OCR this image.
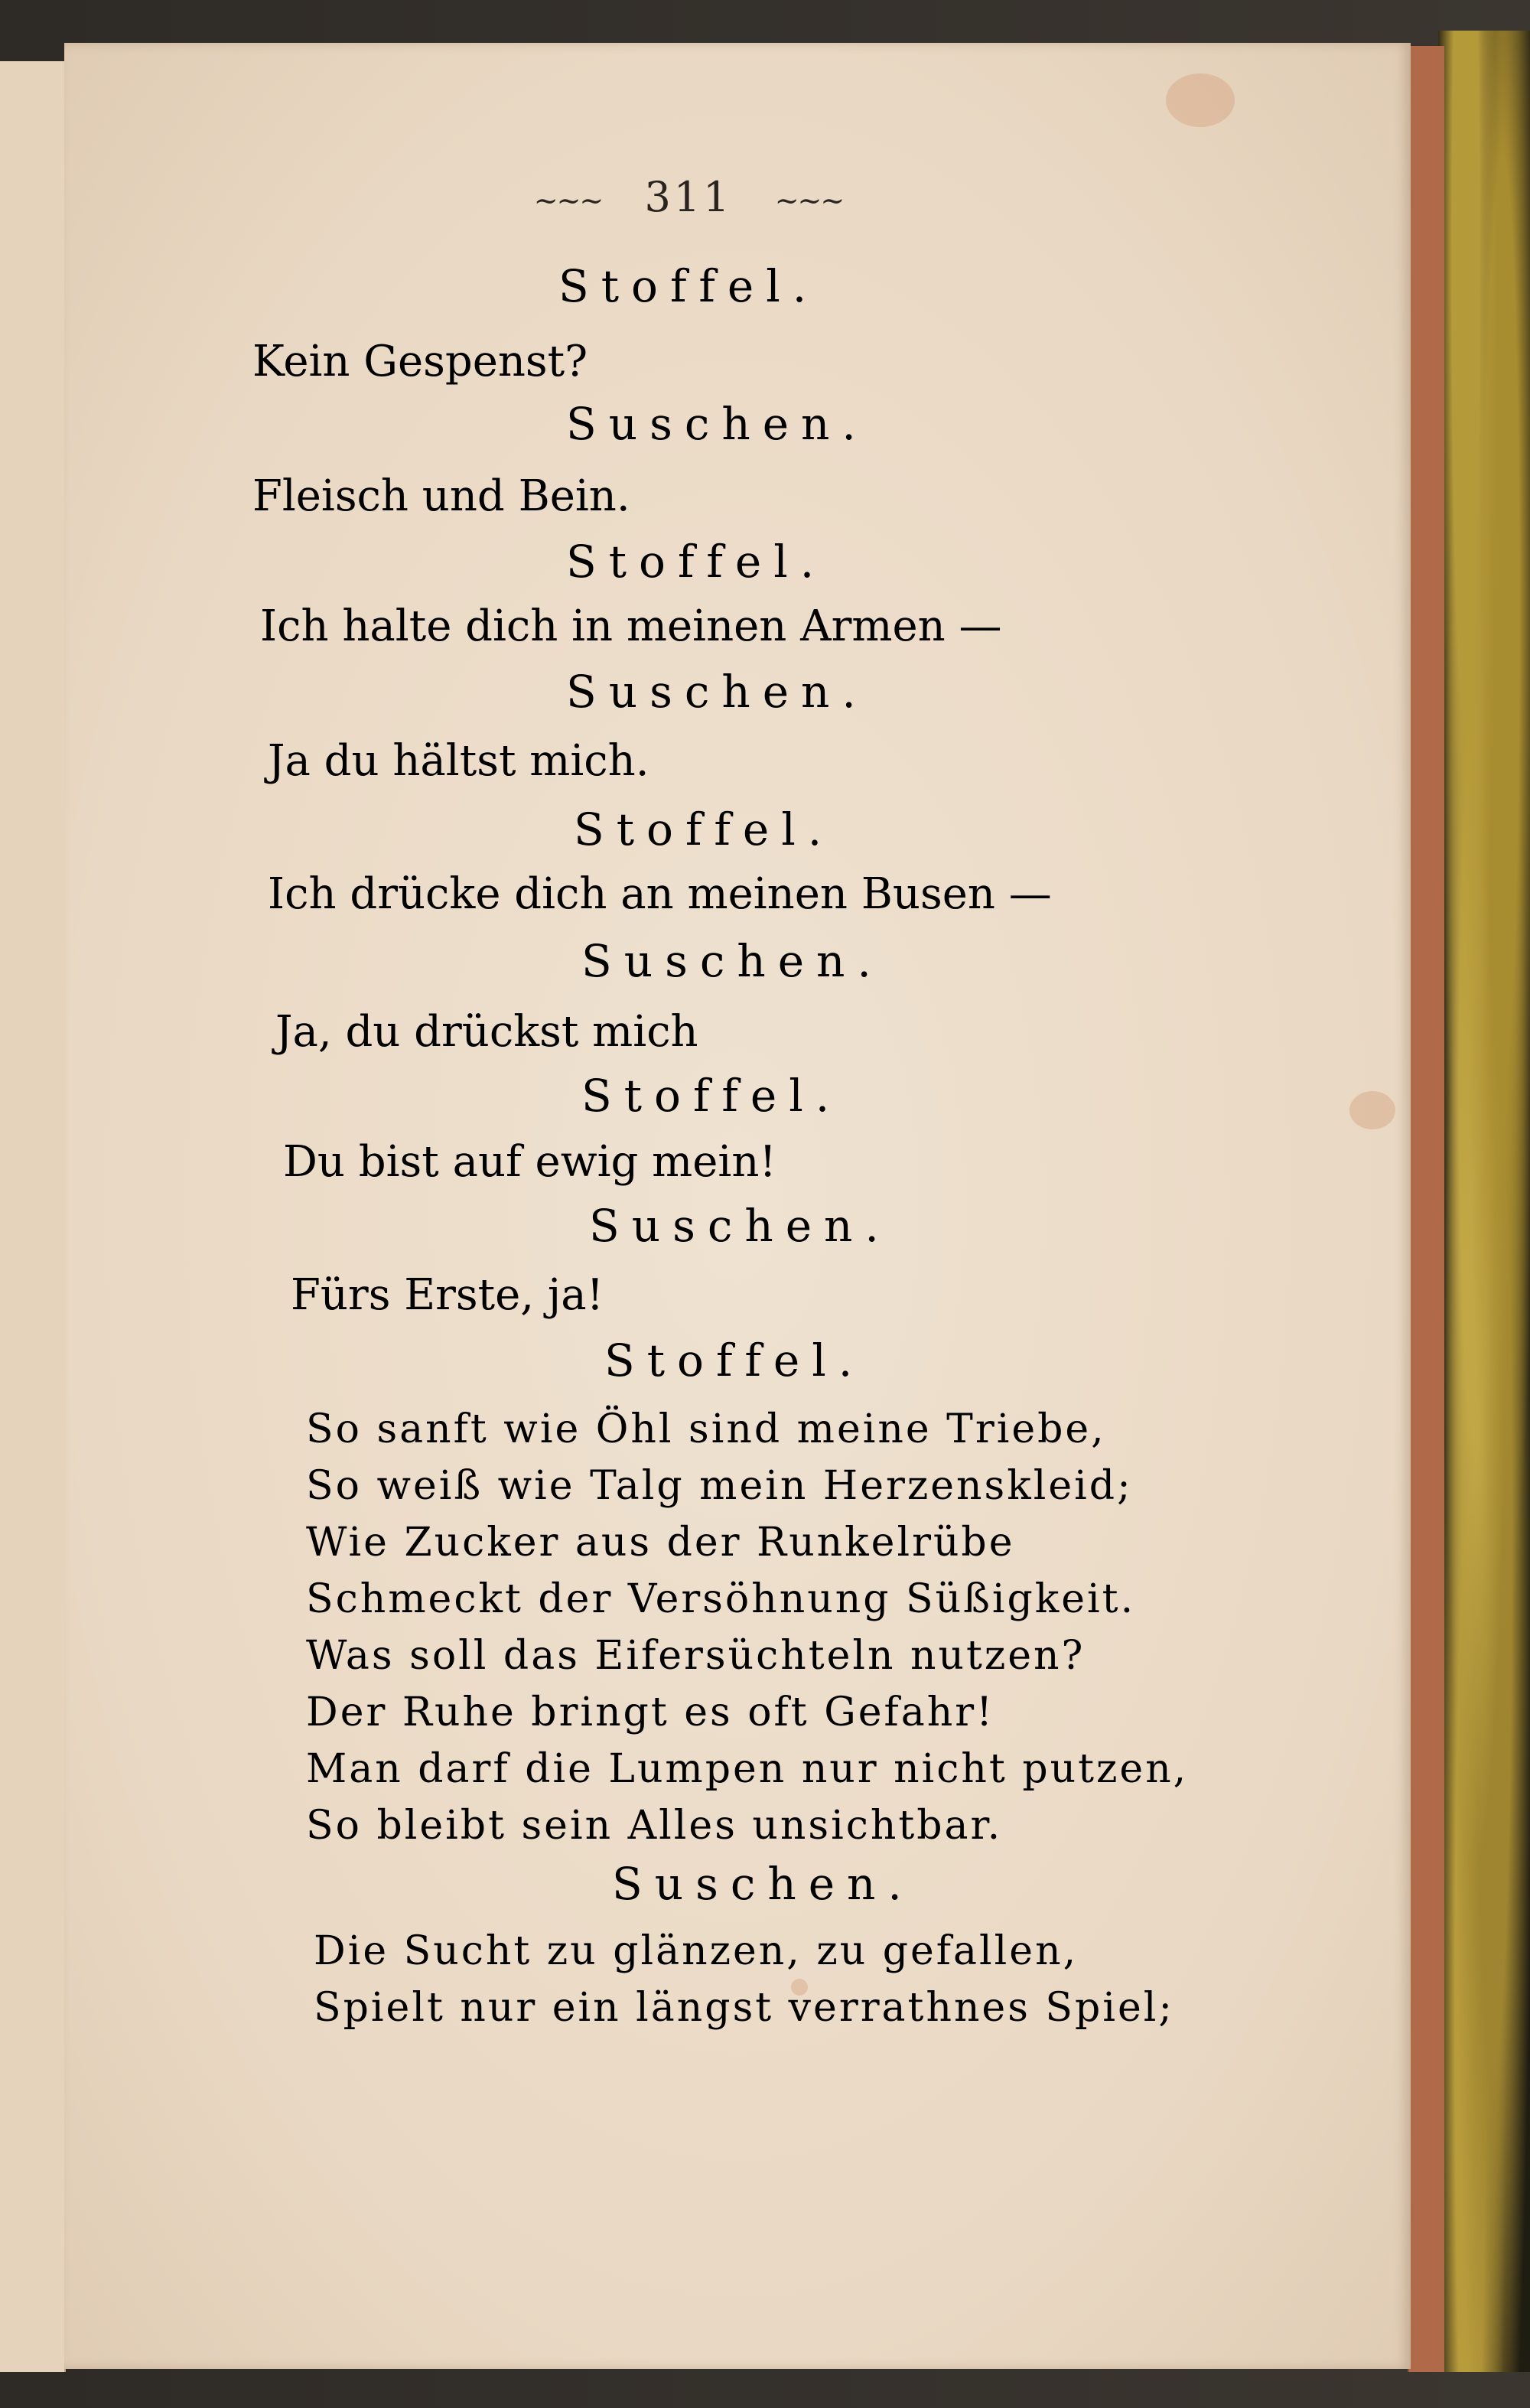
~~~ 311 ~~~
Stoffel.
Kein Gespenst?
Suschen.
Fleisch und Bein.
Stoffel.
Ich halte dich in meinen Armen —
Suschen.
Ja du hältst mich.
Stoffel.
Ich drücke dich an meinen Busen —
Suschen.
Ja, du drückst mich
Stoffel.
Du bist auf ewig mein!
Suschen.
Fürs Erste, ja!
Stoffel.
So sanft wie Öhl sind meine Triebe,
So weiß wie Talg mein Herzenskleid;
Wie Zucker aus der Runkelrübe
Schmeckt der Versöhnung Süßigkeit.
Was soll das Eifersüchteln nutzen?
Der Ruhe bringt es oft Gefahr!
Man darf die Lumpen nur nicht putzen,
So bleibt sein Alles unsichtbar.
Suschen.
Die Sucht zu glänzen, zu gefallen,
Spielt nur ein längst verrathnes Spiel;
